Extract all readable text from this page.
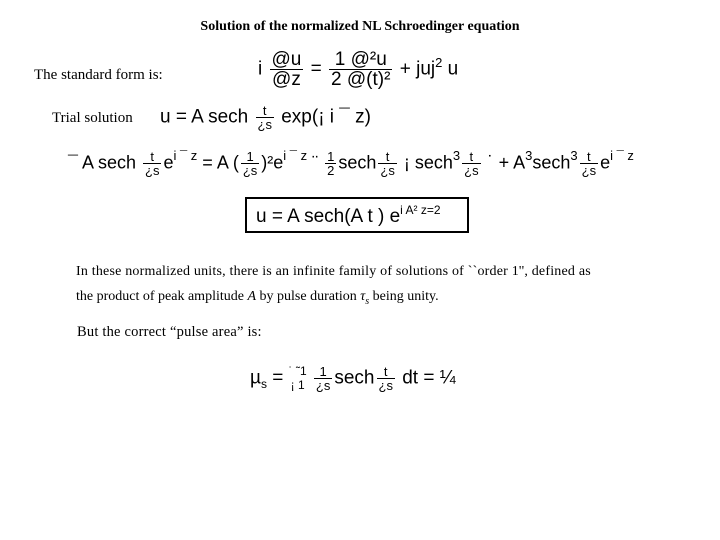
Solution of the normalized NL Schroedinger equation
The standard form is:	i $\frac{@u}{@z} = \frac{\text{1 @²u}}{\text{2 @(t)²}} + juj^2$ u
Trial solution u = A sech $\frac{t}{¿s}$ exp(¡ i ¯ z)
¯ A sech $\frac{t}{¿s} e^{i ¯ z} = A$ ( $\frac{1}{¿s} )^2e^{i ¯ z}$ ¨ $\frac{1}{2}$ sech $\frac{t}{¿s}$ ¡ $\sec h^3 \frac{t}{¿s}$ ˙ + $A^3\sec h^3 \frac{t}{¿s} e^{i ¯ z}$
u = A sech(A t ) $e^{i A^2 z=2}$
In these normalized units, there is an infinite family of solutions of ``order 1'', defined as
the product of peak amplitude A by pulse duration $\tau_s$ being unity.
But the correct “pulse area” is:
µ$_s$ = ˙ ˜1
¡ 1
$\frac{1}{¿s}$ sech $\frac{t}{¿s}$ dt = ¼
